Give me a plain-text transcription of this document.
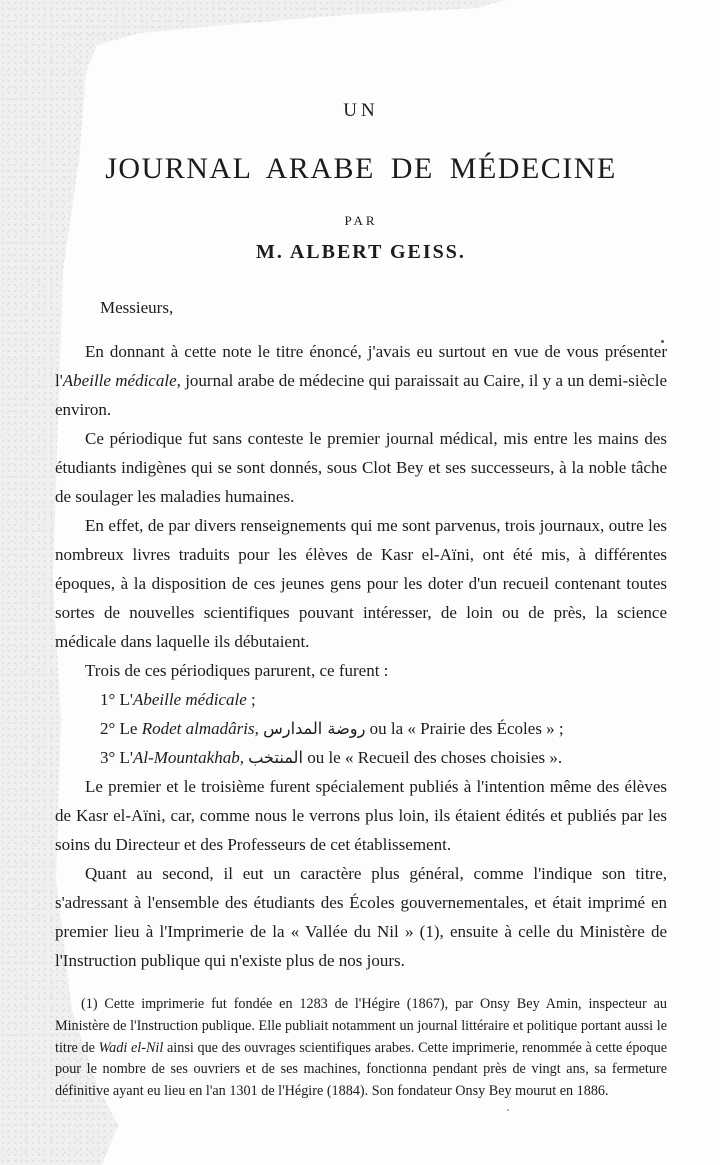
UN
JOURNAL ARABE DE MÉDECINE
PAR
M. ALBERT GEISS.
Messieurs,

En donnant à cette note le titre énoncé, j'avais eu surtout en vue de vous présenter l'Abeille médicale, journal arabe de médecine qui paraissait au Caire, il y a un demi-siècle environ.

Ce périodique fut sans conteste le premier journal médical, mis entre les mains des étudiants indigènes qui se sont donnés, sous Clot Bey et ses successeurs, à la noble tâche de soulager les maladies humaines.

En effet, de par divers renseignements qui me sont parvenus, trois journaux, outre les nombreux livres traduits pour les élèves de Kasr el-Aïni, ont été mis, à différentes époques, à la disposition de ces jeunes gens pour les doter d'un recueil contenant toutes sortes de nouvelles scientifiques pouvant intéresser, de loin ou de près, la science médicale dans laquelle ils débutaient.

Trois de ces périodiques parurent, ce furent :

1° L'Abeille médicale ;

2° Le Rodet almadâris, روضة المدارس ou la « Prairie des Écoles » ;

3° L'Al-Mountakhab, المنتخب ou le « Recueil des choses choisies ».

Le premier et le troisième furent spécialement publiés à l'intention même des élèves de Kasr el-Aïni, car, comme nous le verrons plus loin, ils étaient édités et publiés par les soins du Directeur et des Professeurs de cet établissement.

Quant au second, il eut un caractère plus général, comme l'indique son titre, s'adressant à l'ensemble des étudiants des Écoles gouvernementales, et était imprimé en premier lieu à l'Imprimerie de la « Vallée du Nil » (1), ensuite à celle du Ministère de l'Instruction publique qui n'existe plus de nos jours.

(1) Cette imprimerie fut fondée en 1283 de l'Hégire (1867), par Onsy Bey Amin, inspecteur au Ministère de l'Instruction publique. Elle publiait notamment un journal littéraire et politique portant aussi le titre de Wadi el-Nil ainsi que des ouvrages scientifiques arabes. Cette imprimerie, renommée à cette époque pour le nombre de ses ouvriers et de ses machines, fonctionna pendant près de vingt ans, sa fermeture définitive ayant eu lieu en l'an 1301 de l'Hégire (1884). Son fondateur Onsy Bey mourut en 1886.
